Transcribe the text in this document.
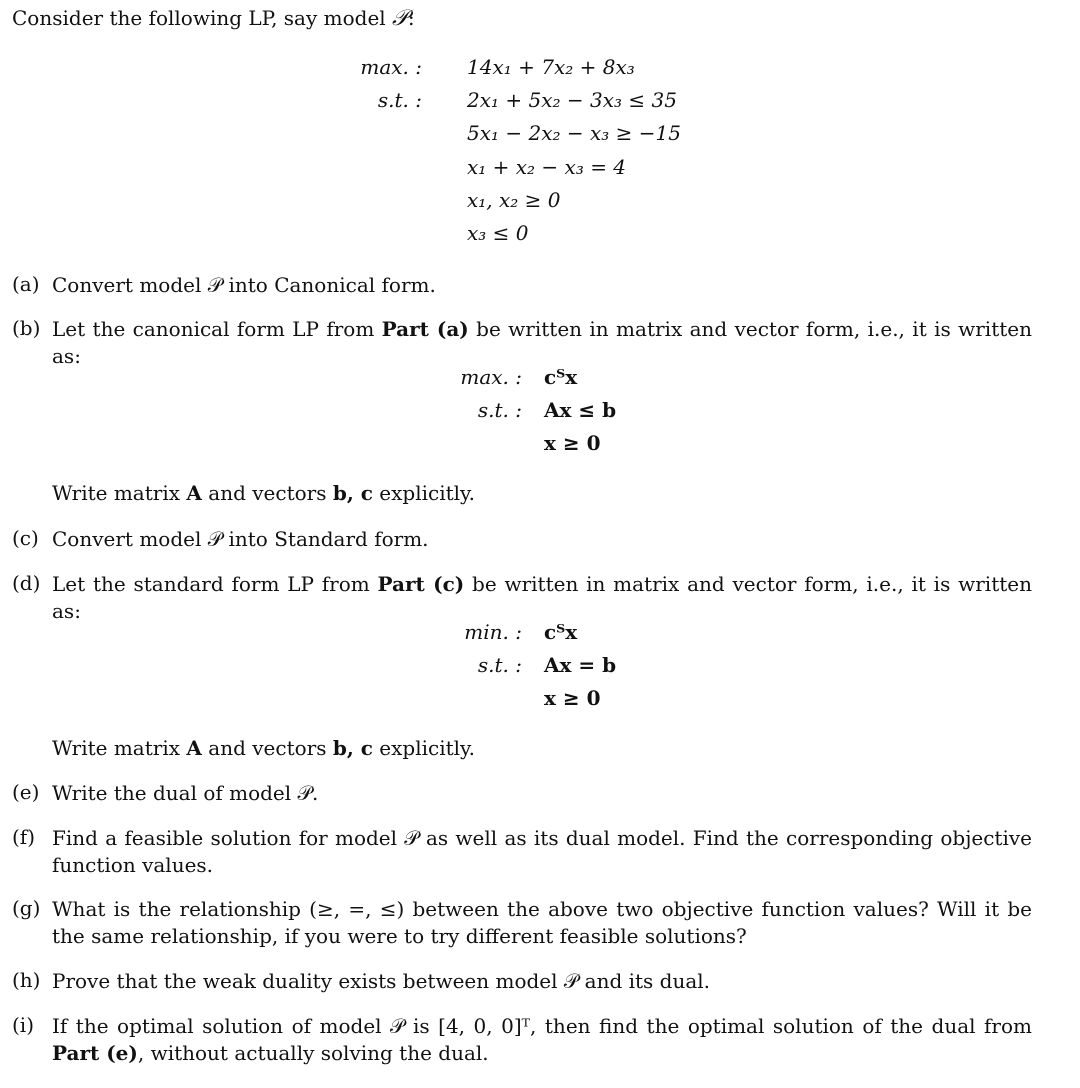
Consider the following LP, say model 𝒫:
max. : 14x₁ + 7x₂ + 8x₃
s.t. : 2x₁ + 5x₂ − 3x₃ ≤ 35
5x₁ − 2x₂ − x₃ ≥ −15
x₁ + x₂ − x₃ = 4
x₁, x₂ ≥ 0
x₃ ≤ 0
(a) Convert model 𝒫 into Canonical form.
(b) Let the canonical form LP from Part (a) be written in matrix and vector form, i.e., it is written as:
max. : cᵀx
s.t. : Ax ≤ b
x ≥ 0
Write matrix A and vectors b, c explicitly.
(c) Convert model 𝒫 into Standard form.
(d) Let the standard form LP from Part (c) be written in matrix and vector form, i.e., it is written as:
min. : cᵀx
s.t. : Ax = b
x ≥ 0
Write matrix A and vectors b, c explicitly.
(e) Write the dual of model 𝒫.
(f) Find a feasible solution for model 𝒫 as well as its dual model. Find the corresponding objective function values.
(g) What is the relationship (≥, =, ≤) between the above two objective function values? Will it be the same relationship, if you were to try different feasible solutions?
(h) Prove that the weak duality exists between model 𝒫 and its dual.
(i) If the optimal solution of model 𝒫 is [4, 0, 0]ᵀ, then find the optimal solution of the dual from Part (e), without actually solving the dual.
